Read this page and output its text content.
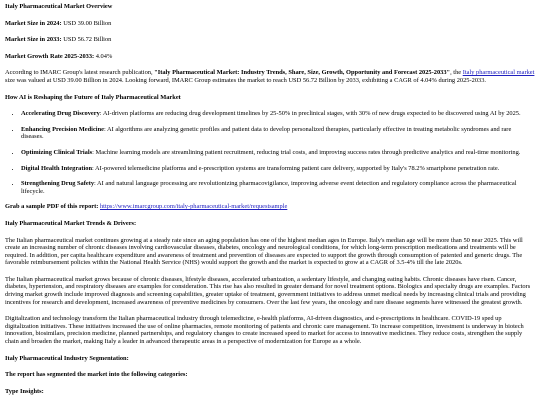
Italy Pharmaceutical Market Overview

Market Size in 2024: USD 39.00 Billion

Market Size in 2033: USD 56.72 Billion

Market Growth Rate 2025-2033: 4.04%

According to IMARC Group's latest research publication, "Italy Pharmaceutical Market: Industry Trends, Share, Size, Growth, Opportunity and Forecast 2025-2033", the Italy pharmaceutical market size was valued at USD 39.00 Billion in 2024. Looking forward, IMARC Group estimates the market to reach USD 56.72 Billion by 2033, exhibiting a CAGR of 4.04% during 2025-2033.

How AI is Reshaping the Future of Italy Pharmaceutical Market

• Accelerating Drug Discovery: AI-driven platforms are reducing drug development timelines by 25-50% in preclinical stages, with 30% of new drugs expected to be discovered using AI by 2025.
• Enhancing Precision Medicine: AI algorithms are analyzing genetic profiles and patient data to develop personalized therapies, particularly effective in treating metabolic syndromes and rare diseases.
• Optimizing Clinical Trials: Machine learning models are streamlining patient recruitment, reducing trial costs, and improving success rates through predictive analytics and real-time monitoring.
• Digital Health Integration: AI-powered telemedicine platforms and e-prescription systems are transforming patient care delivery, supported by Italy's 78.2% smartphone penetration rate.
• Strengthening Drug Safety: AI and natural language processing are revolutionizing pharmacovigilance, improving adverse event detection and regulatory compliance across the pharmaceutical lifecycle.

Grab a sample PDF of this report: https://www.imarcgroup.com/italy-pharmaceutical-market/requestsample

Italy Pharmaceutical Market Trends & Drivers:

The Italian pharmaceutical market continues growing at a steady rate since an aging population has one of the highest median ages in Europe. Italy's median age will be more than 50 near 2025. This will create an increasing number of chronic diseases involving cardiovascular diseases, diabetes, oncology and neurological conditions, for which long-term prescription medications and treatments will be required. In addition, per capita healthcare expenditure and awareness of treatment and prevention of diseases are expected to support the growth through consumption of patented and generic drugs. The favorable reimbursement policies within the National Health Service (NHS) would support the growth and the market is expected to grow at a CAGR of 3.5-4% till the late 2020s.

The Italian pharmaceutical market grows because of chronic diseases, lifestyle diseases, accelerated urbanization, a sedentary lifestyle, and changing eating habits. Chronic diseases have risen. Cancer, diabetes, hypertension, and respiratory diseases are examples for consideration. This rise has also resulted in greater demand for novel treatment options. Biologics and specialty drugs are examples. Factors driving market growth include improved diagnosis and screening capabilities, greater uptake of treatment, government initiatives to address unmet medical needs by increasing clinical trials and providing incentives for research and development, increased awareness of preventive medicines by consumers. Over the last few years, the oncology and rare disease segments have witnessed the greatest growth.

Digitalization and technology transform the Italian pharmaceutical industry through telemedicine, e-health platforms, AI-driven diagnostics, and e-prescriptions in healthcare. COVID-19 sped up digitalization initiatives. These initiatives increased the use of online pharmacies, remote monitoring of patients and chronic care management. To increase competition, investment is underway in biotech innovation, biosimilars, precision medicine, planned partnerships, and regulatory changes to create increased speed to market for access to innovative medicines. They reduce costs, strengthen the supply chain and broaden the market, making Italy a leader in advanced therapeutic areas in a perspective of modernization for Europe as a whole.

Italy Pharmaceutical Industry Segmentation:

The report has segmented the market into the following categories:

Type Insights:
